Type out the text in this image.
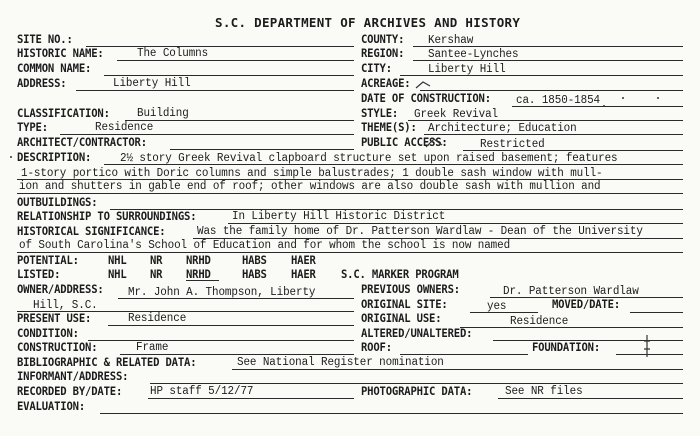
S.C. DEPARTMENT OF ARCHIVES AND HISTORY
SITE NO.:
HISTORIC NAME:	The Columns
COMMON NAME:
ADDRESS:	Liberty Hill
COUNTY: Kershaw
REGION: Santee-Lynches
CITY:	Liberty Hill
ACREAGE:
DATE OF CONSTRUCTION: ca. 1850-1854
CLASSIFICATION: Building
TYPE:	Residence
ARCHITECT/CONTRACTOR:
STYLE: Greek Revival
THEME(S): Architecture; Education
PUBLIC ACCESS:	Restricted
DESCRIPTION:	2½ story Greek Revival clapboard structure set upon raised basement; features
1-story portico with Doric columns and simple balustrades; 1 double sash window with mull-
ion and shutters in gable end of roof; other windows are also double sash with mullion and
OUTBUILDINGS:
RELATIONSHIP TO SURROUNDINGS:	In Liberty Hill Historic District
HISTORICAL SIGNIFICANCE:	Was the family home of Dr. Patterson Wardlaw - Dean of the University
of South Carolina's School of Education and for whom the school is now named
POTENTIAL:	NHL NR NRHD	HABS HAER
LISTED:	NHL NR NRHD	HABS HAER S.C. MARKER PROGRAM
OWNER/ADDRESS: Mr. John A. Thompson, Liberty
Hill, S.C.
PREVIOUS OWNERS:	Dr. Patterson Wardlaw
ORIGINAL SITE:	yes	MOVED/DATE:
PRESENT USE:	Residence	ORIGINAL USE:	Residence
CONDITION:	ALTERED/UNALTERED:
CONSTRUCTION:	Frame	ROOF:	FOUNDATION:
BIBLIOGRAPHIC & RELATED DATA:	See National Register nomination
INFORMANT/ADDRESS:
RECORDED BY/DATE: HP staff 5/12/77	PHOTOGRAPHIC DATA:	See NR files
EVALUATION:
